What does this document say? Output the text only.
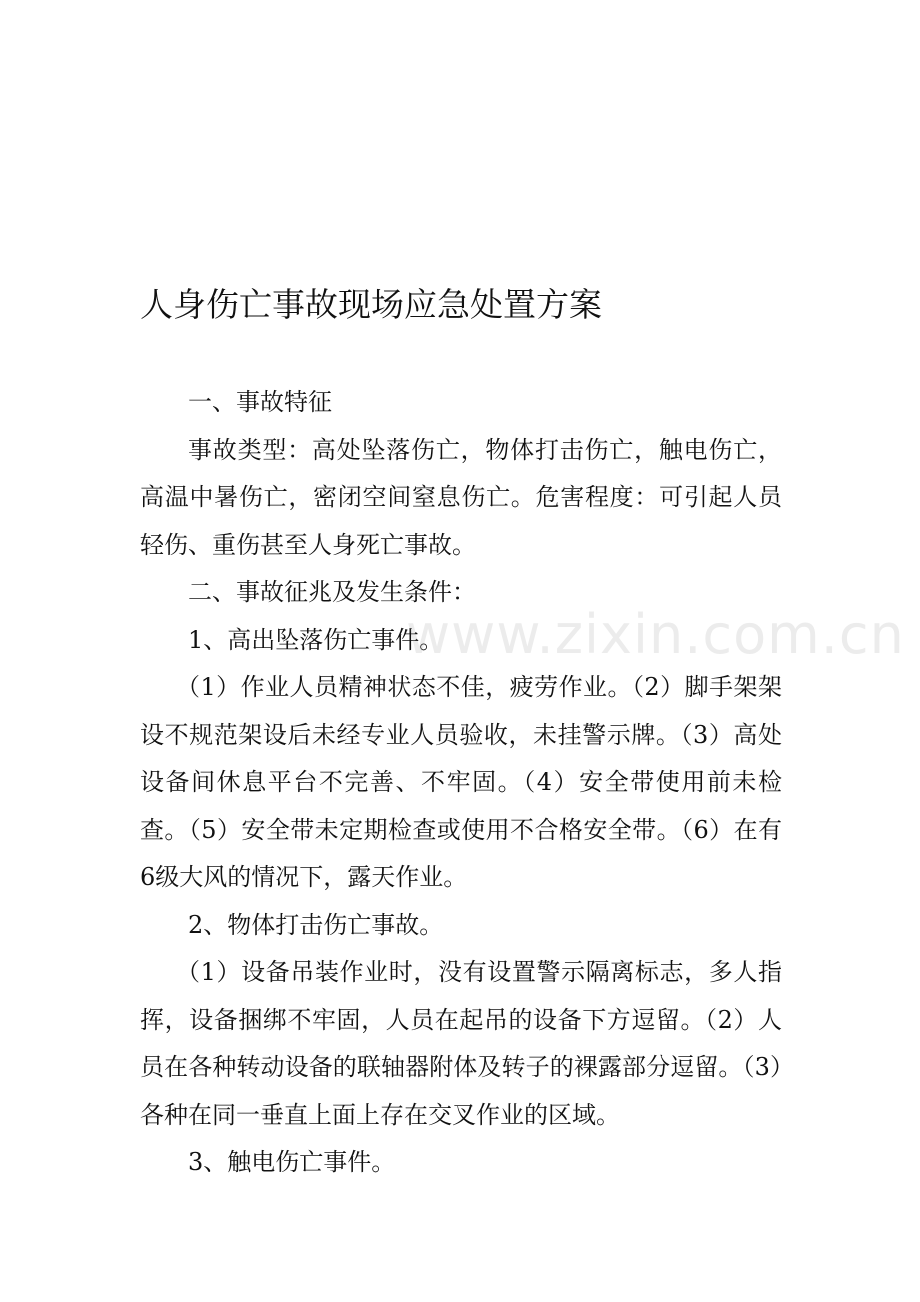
人身伤亡事故现场应急处置方案

一、事故特征

事故类型：高处坠落伤亡，物体打击伤亡，触电伤亡，高温中暑伤亡，密闭空间窒息伤亡。危害程度：可引起人员轻伤、重伤甚至人身死亡事故。

二、事故征兆及发生条件：

1、高出坠落伤亡事件。

（1）作业人员精神状态不佳，疲劳作业。（2）脚手架架设不规范架设后未经专业人员验收，未挂警示牌。（3）高处设备间休息平台不完善、不牢固。（4）安全带使用前未检查。（5）安全带未定期检查或使用不合格安全带。（6）在有6级大风的情况下，露天作业。

2、物体打击伤亡事故。

（1）设备吊装作业时，没有设置警示隔离标志，多人指挥，设备捆绑不牢固，人员在起吊的设备下方逗留。（2）人员在各种转动设备的联轴器附体及转子的裸露部分逗留。（3）各种在同一垂直上面上存在交叉作业的区域。

3、触电伤亡事件。

www.zixin.com.cn
